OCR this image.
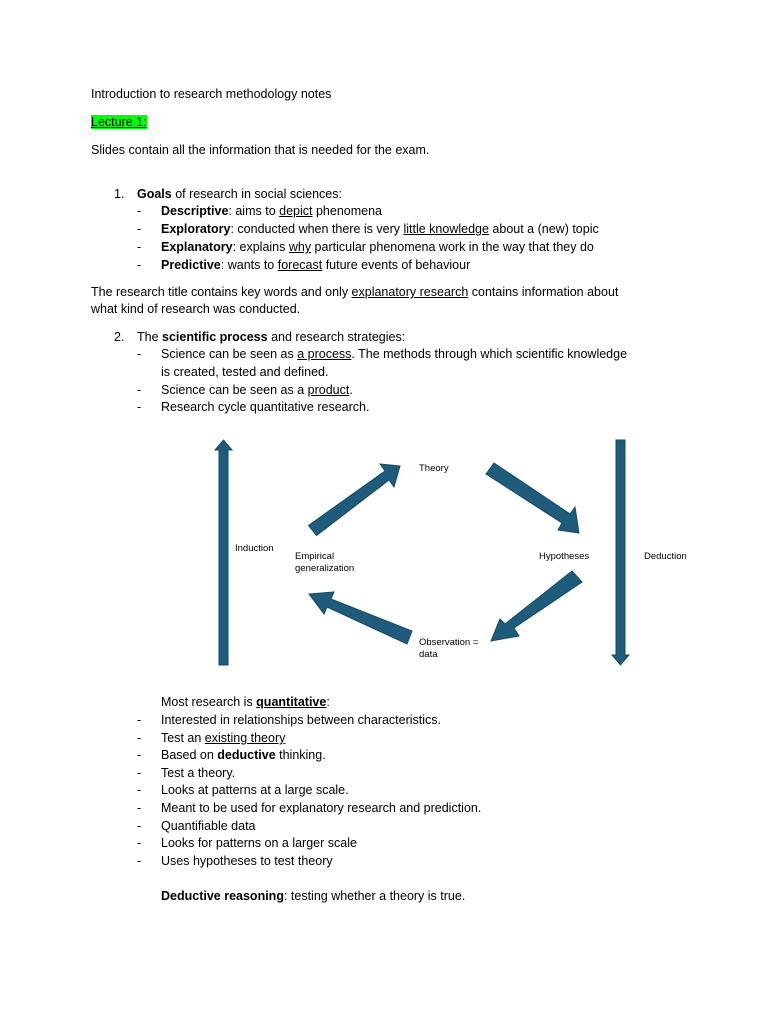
Introduction to research methodology notes
Lecture 1:
Slides contain all the information that is needed for the exam.
1. Goals of research in social sciences:
- Descriptive: aims to depict phenomena
- Exploratory: conducted when there is very little knowledge about a (new) topic
- Explanatory: explains why particular phenomena work in the way that they do
- Predictive: wants to forecast future events of behaviour
The research title contains key words and only explanatory research contains information about
what kind of research was conducted.
2. The scientific process and research strategies:
- Science can be seen as a process. The methods through which scientific knowledge
is created, tested and defined.
- Science can be seen as a product.
- Research cycle quantitative research.
Theory
Hypotheses	Deduction
Induction
Empirical
generalization
Observation =
data
Most research is quantitative:
- Interested in relationships between characteristics.
- Test an existing theory
- Based on deductive thinking.
- Test a theory.
- Looks at patterns at a large scale.
- Meant to be used for explanatory research and prediction.
- Quantifiable data
- Looks for patterns on a larger scale
- Uses hypotheses to test theory
Deductive reasoning: testing whether a theory is true.
